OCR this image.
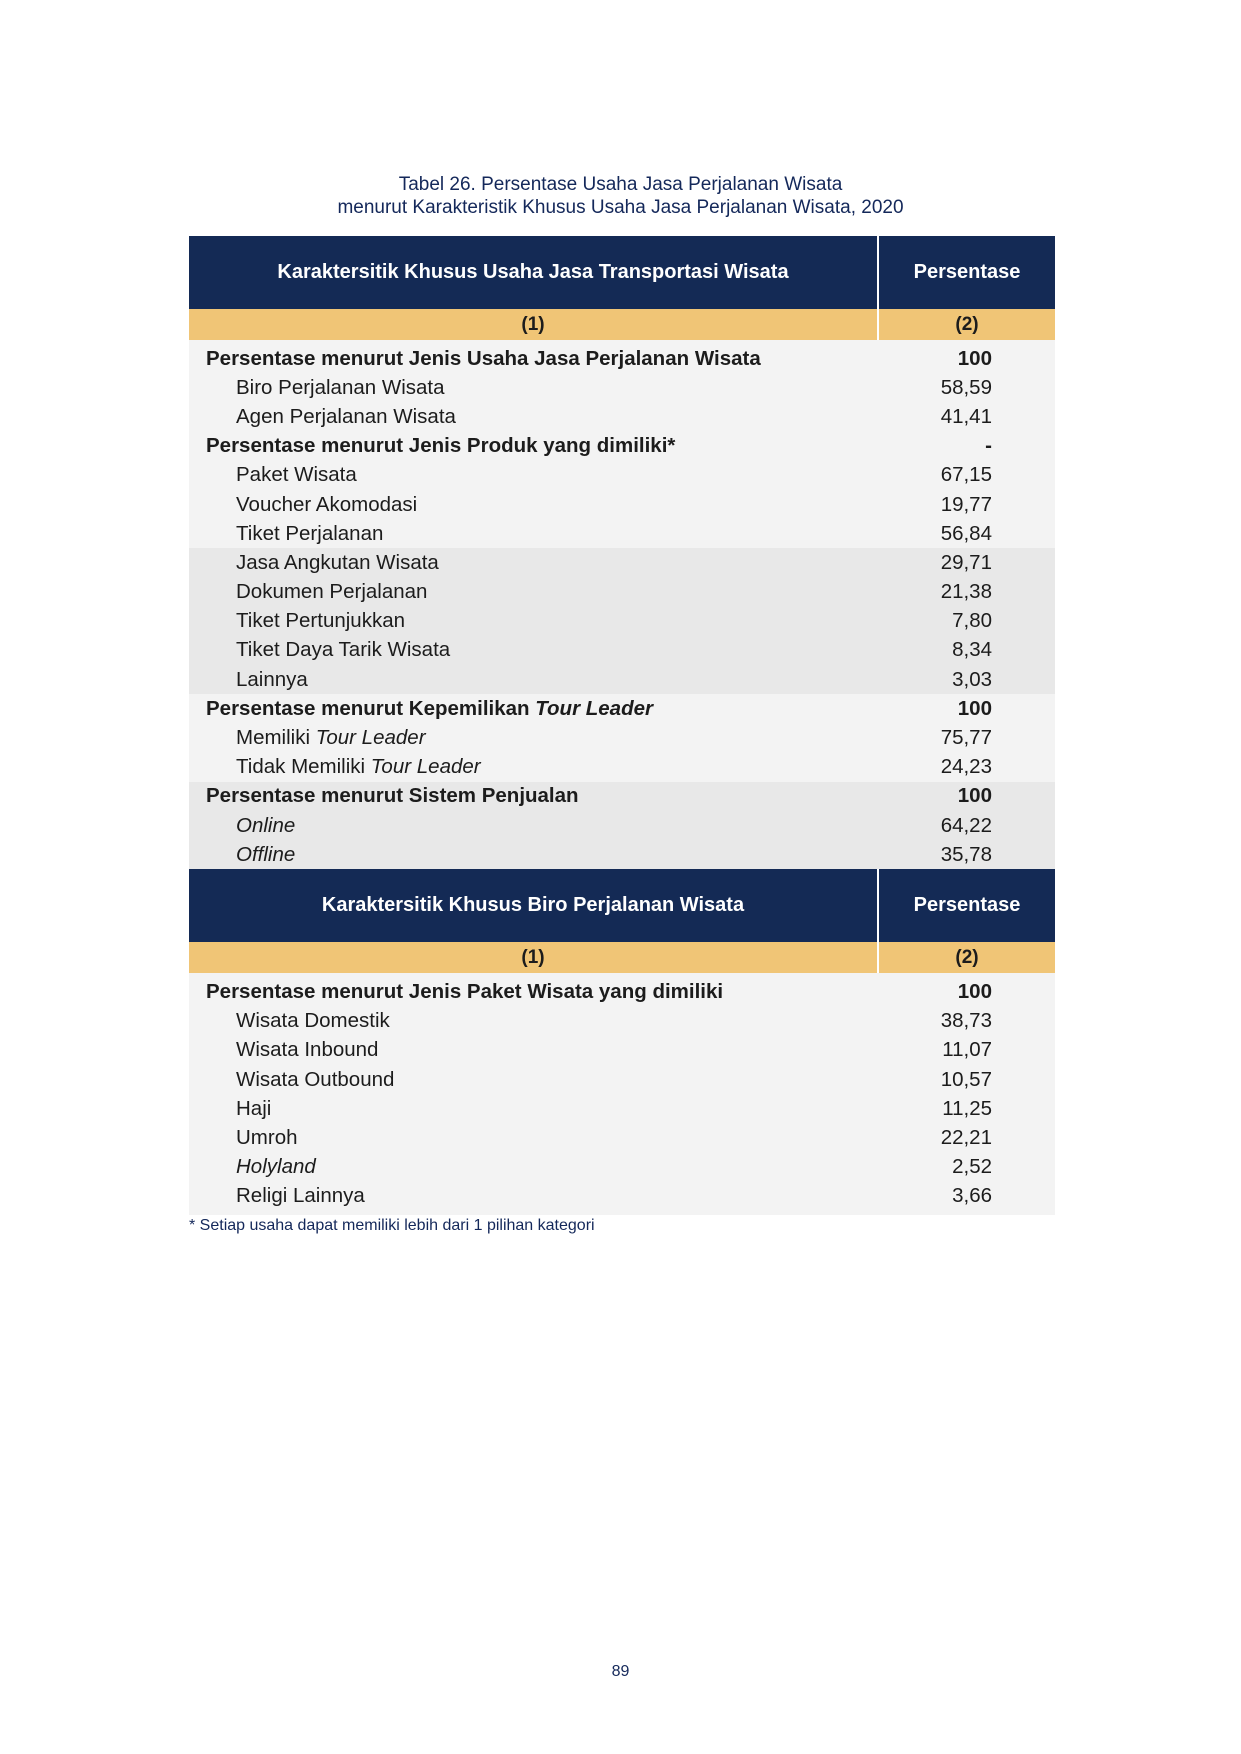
Tabel 26. Persentase Usaha Jasa Perjalanan Wisata
menurut Karakteristik Khusus Usaha Jasa Perjalanan Wisata, 2020
Karaktersitik Khusus Usaha Jasa Transportasi Wisata	Persentase
(1)	(2)
Persentase menurut Jenis Usaha Jasa Perjalanan Wisata	100
Biro Perjalanan Wisata	58,59
Agen Perjalanan Wisata	41,41
Persentase menurut Jenis Produk yang dimiliki*	-
Paket Wisata	67,15
Voucher Akomodasi	19,77
Tiket Perjalanan	56,84
Jasa Angkutan Wisata	29,71
Dokumen Perjalanan	21,38
Tiket Pertunjukkan	7,80
Tiket Daya Tarik Wisata	8,34
Lainnya	3,03
Persentase menurut Kepemilikan Tour Leader	100
Memiliki Tour Leader	75,77
Tidak Memiliki Tour Leader	24,23
Persentase menurut Sistem Penjualan	100
Online	64,22
Offline	35,78
Karaktersitik Khusus Biro Perjalanan Wisata	Persentase
(1)	(2)
Persentase menurut Jenis Paket Wisata yang dimiliki	100
Wisata Domestik	38,73
Wisata Inbound	11,07
Wisata Outbound	10,57
Haji	11,25
Umroh	22,21
Holyland	2,52
Religi Lainnya	3,66
* Setiap usaha dapat memiliki lebih dari 1 pilihan kategori
89
